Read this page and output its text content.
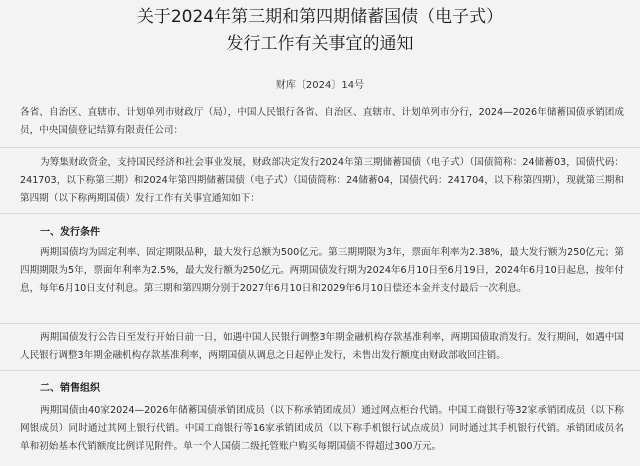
关于2024年第三期和第四期储蓄国债（电子式）
发行工作有关事宜的通知
财库〔2024〕14号

各省、自治区、直辖市、计划单列市财政厅（局），中国人民银行各省、自治区、直辖市、计划单列市分行，2024—2026年储蓄国债承销团成员，中央国债登记结算有限责任公司：

为筹集财政资金，支持国民经济和社会事业发展，财政部决定发行2024年第三期储蓄国债（电子式）（国债简称：24储蓄03，国债代码：241703，以下称第三期）和2024年第四期储蓄国债（电子式）（国债简称：24储蓄04，国债代码：241704，以下称第四期），现就第三期和第四期（以下称两期国债）发行工作有关事宜通知如下：

一、发行条件

两期国债均为固定利率、固定期限品种，最大发行总额为500亿元。第三期期限为3年，票面年利率为2.38%，最大发行额为250亿元；第四期期限为5年，票面年利率为2.5%，最大发行额为250亿元。两期国债发行期为2024年6月10日至6月19日，2024年6月10日起息，按年付息，每年6月10日支付利息。第三期和第四期分别于2027年6月10日和2029年6月10日偿还本金并支付最后一次利息。

两期国债发行公告日至发行开始日前一日，如遇中国人民银行调整3年期金融机构存款基准利率，两期国债取消发行。发行期间，如遇中国人民银行调整3年期金融机构存款基准利率，两期国债从调息之日起停止发行，未售出发行额度由财政部收回注销。

二、销售组织

两期国债由40家2024—2026年储蓄国债承销团成员（以下称承销团成员）通过网点柜台代销。中国工商银行等32家承销团成员（以下称网银成员）同时通过其网上银行代销。中国工商银行等16家承销团成员（以下称手机银行试点成员）同时通过其手机银行代销。承销团成员名单和初始基本代销额度比例详见附件。单一个人国债二级托管账户购买每期国债不得超过300万元。
